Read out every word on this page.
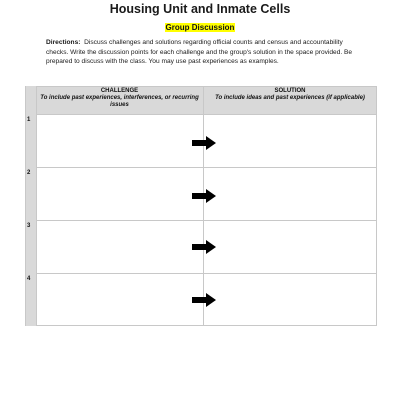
Housing Unit and Inmate Cells
Group Discussion
Directions: Discuss challenges and solutions regarding official counts and census and accountability checks. Write the discussion points for each challenge and the group's solution in the space provided. Be prepared to discuss with the class. You may use past experiences as examples.
CHALLENGE
To include past experiences, interferences, or recurring issues
SOLUTION
To include ideas and past experiences (if applicable)
1
2
3
4
